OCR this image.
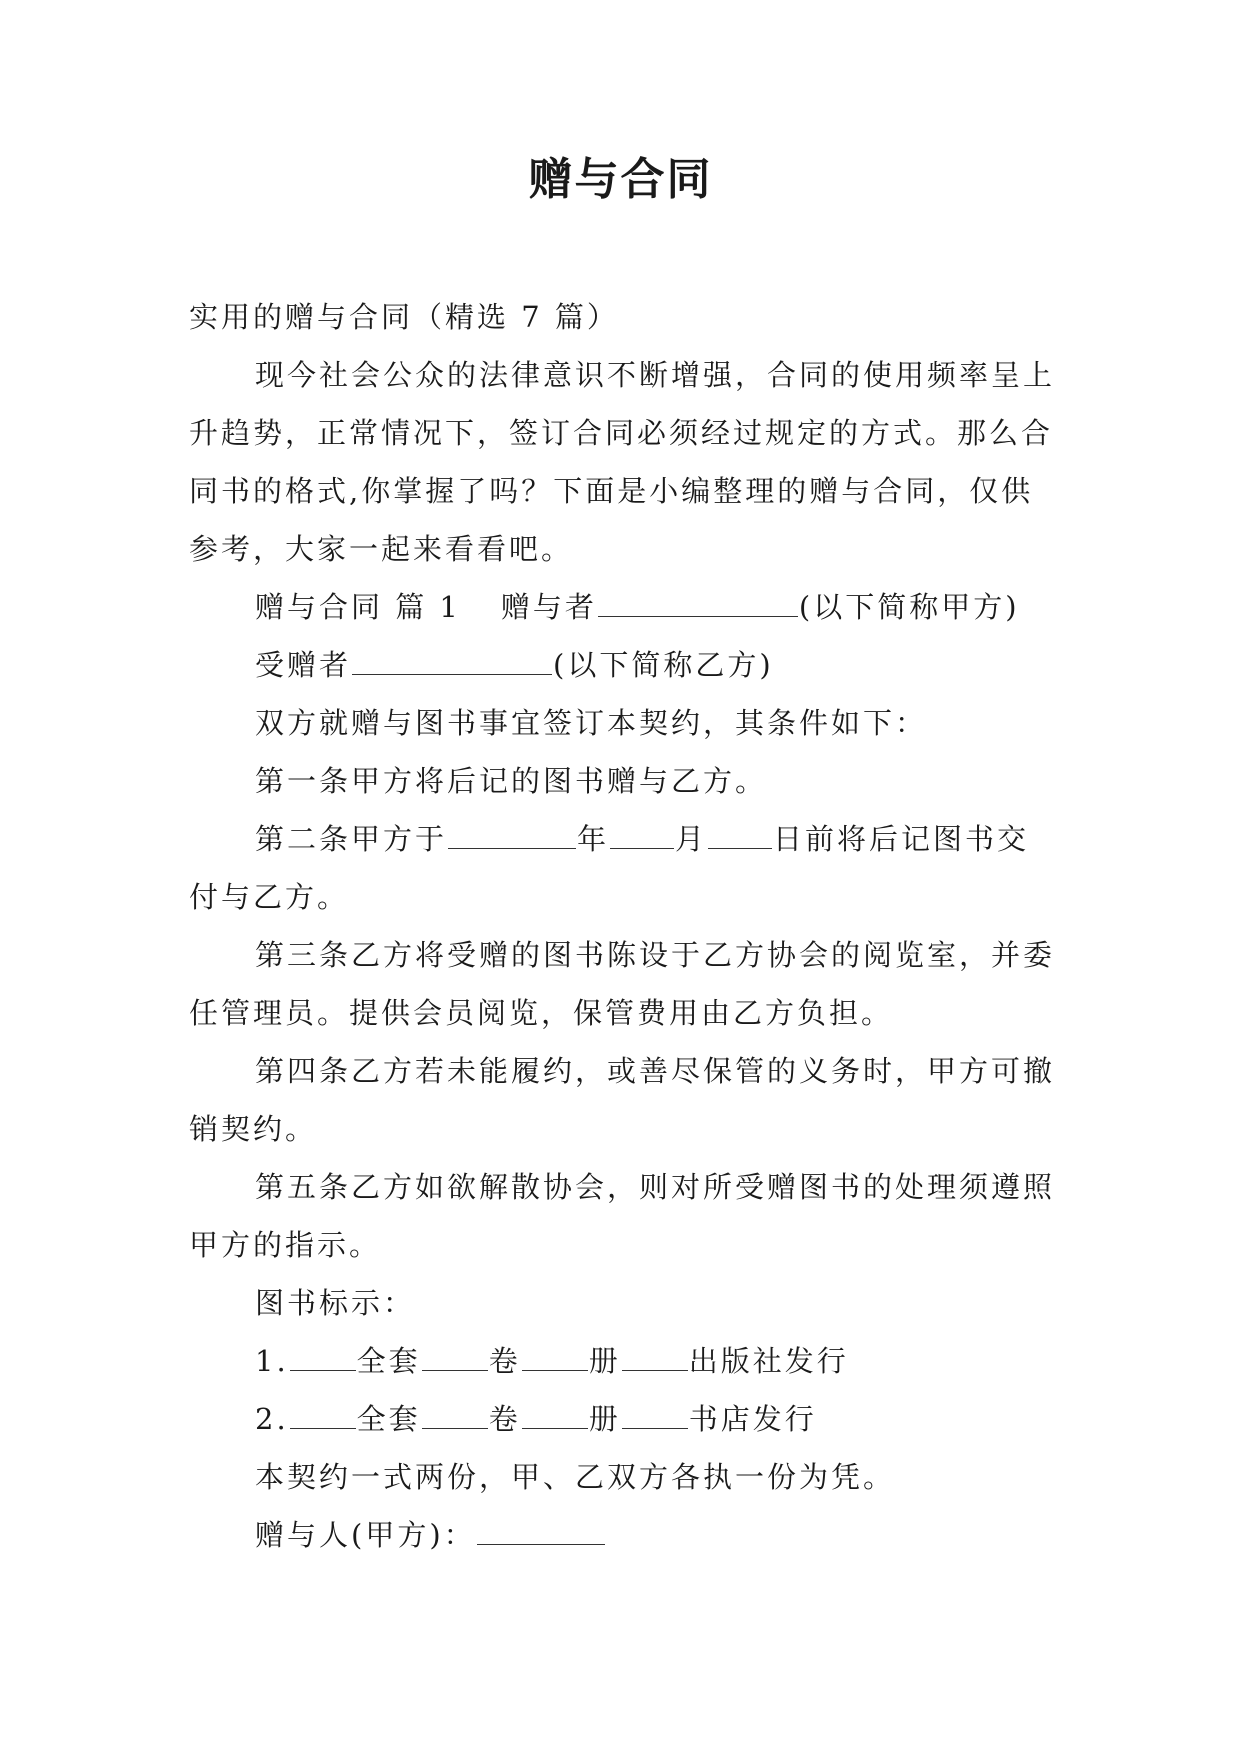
赠与合同

实用的赠与合同（精选 7 篇）

现今社会公众的法律意识不断增强，合同的使用频率呈上升趋势，正常情况下，签订合同必须经过规定的方式。那么合同书的格式,你掌握了吗？下面是小编整理的赠与合同，仅供参考，大家一起来看看吧。

赠与合同 篇 1 赠与者	(以下简称甲方)

受赠者	(以下简称乙方)

双方就赠与图书事宜签订本契约，其条件如下：

第一条甲方将后记的图书赠与乙方。

第二条甲方于	年 月 日前将后记图书交付与乙方。

第三条乙方将受赠的图书陈设于乙方协会的阅览室，并委任管理员。提供会员阅览，保管费用由乙方负担。

第四条乙方若未能履约，或善尽保管的义务时，甲方可撤销契约。

第五条乙方如欲解散协会，则对所受赠图书的处理须遵照甲方的指示。

图书标示：

1. 全套 卷 册 出版社发行

2. 全套 卷 册 书店发行

本契约一式两份，甲、乙双方各执一份为凭。

赠与人(甲方)：
